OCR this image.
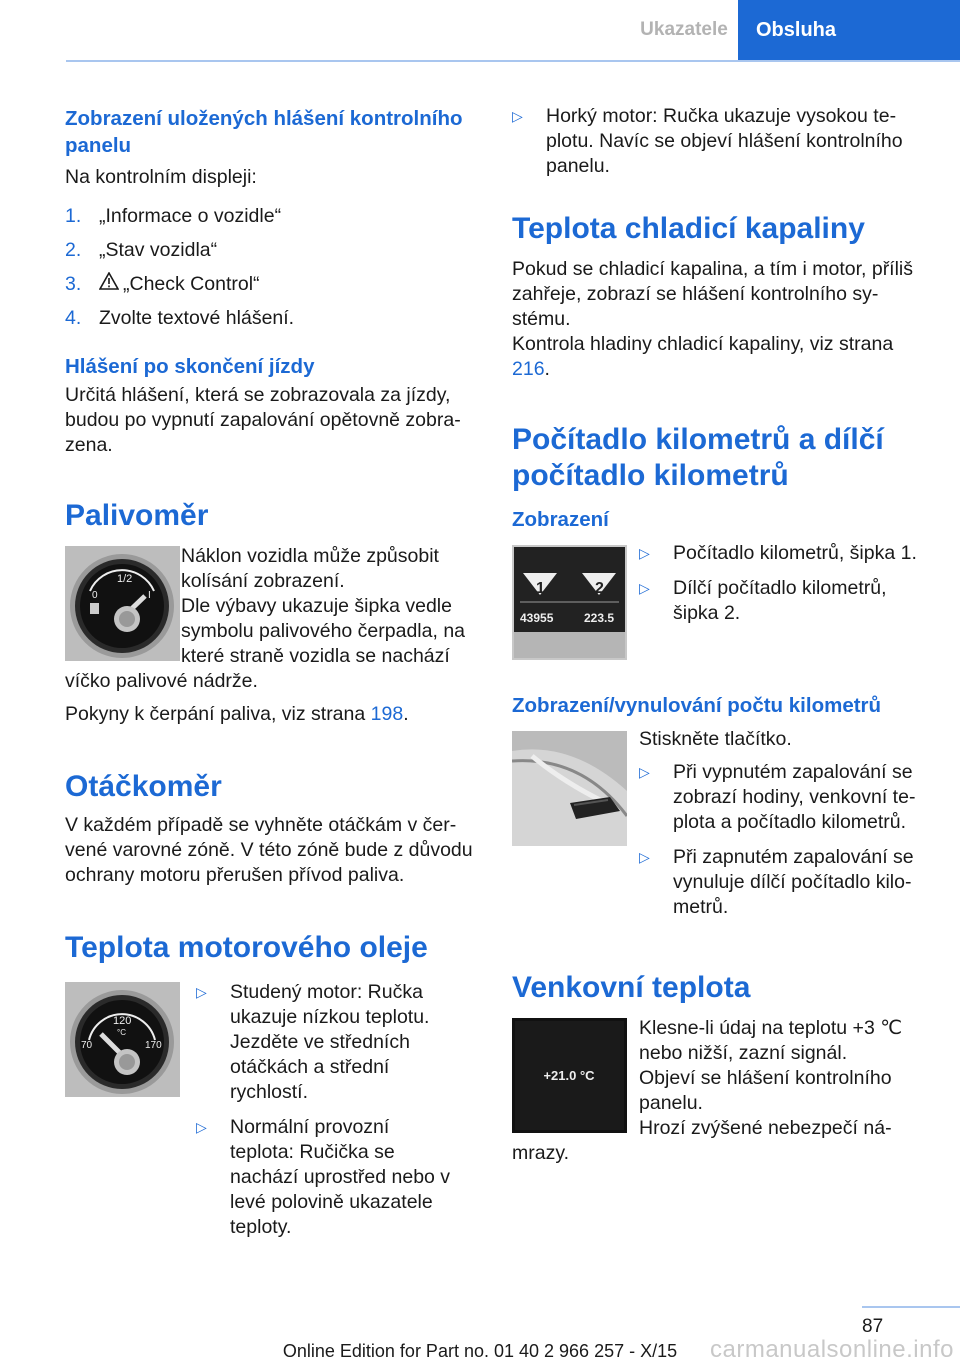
Ukazatele	Obsluha
Zobrazení uložených hlášení kontrolního panelu

Na kontrolním displeji:

1. „Informace o vozidle“
2. „Stav vozidla“
3.	„Check Control“
4. Zvolte textové hlášení.
Hlášení po skončení jízdy

Určitá hlášení, která se zobrazovala za jízdy, budou po vypnutí zapalování opětovně zobrazena.

Palivoměr
1/2
0	I

Náklon vozidla může způsobit kolísání zobrazení.

Dle výbavy ukazuje šipka vedle symbolu palivového čerpadla, na které straně vozidla se nachází víčko palivové nádrže.

Pokyny k čerpání paliva, viz strana 198.

Otáčkoměr

V každém případě se vyhněte otáčkám v červené varovné zóně. V této zóně bude z důvodu ochrany motoru přerušen přívod paliva.

Teplota motorového oleje
120
°C
70	170
▷	Studený motor: Ručka ukazuje nízkou teplotu. Jezděte ve středních otáčkách a střední rychlostí.
▷	Normální provozní teplota: Ručička se nachází uprostřed nebo v levé polovině ukazatele teploty.
▷	Horký motor: Ručka ukazuje vysokou teplotu. Navíc se objeví hlášení kontrolního panelu.
Teplota chladicí kapaliny

Pokud se chladicí kapalina, a tím i motor, příliš zahřeje, zobrazí se hlášení kontrolního systému.

Kontrola hladiny chladicí kapaliny, viz strana 216.

Počítadlo kilometrů a dílčí počítadlo kilometrů
Zobrazení
1	2
43955	223.5
▷	Počítadlo kilometrů, šipka 1.
▷	Dílčí počítadlo kilometrů, šipka 2.
Zobrazení/vynulování počtu kilometrů

Stiskněte tlačítko.

▷	Při vypnutém zapalování se zobrazí hodiny, venkovní teplota a počítadlo kilometrů.
▷	Při zapnutém zapalování se vynuluje dílčí počítadlo kilometrů.
Venkovní teplota
+21.0 °C

Klesne-li údaj na teplotu +3 ℃ nebo nižší, zazní signál.

Objeví se hlášení kontrolního panelu.

Hrozí zvýšené nebezpečí námrazy.

87
carmanualsonline.info
Online Edition for Part no. 01 40 2 966 257 - X/15
